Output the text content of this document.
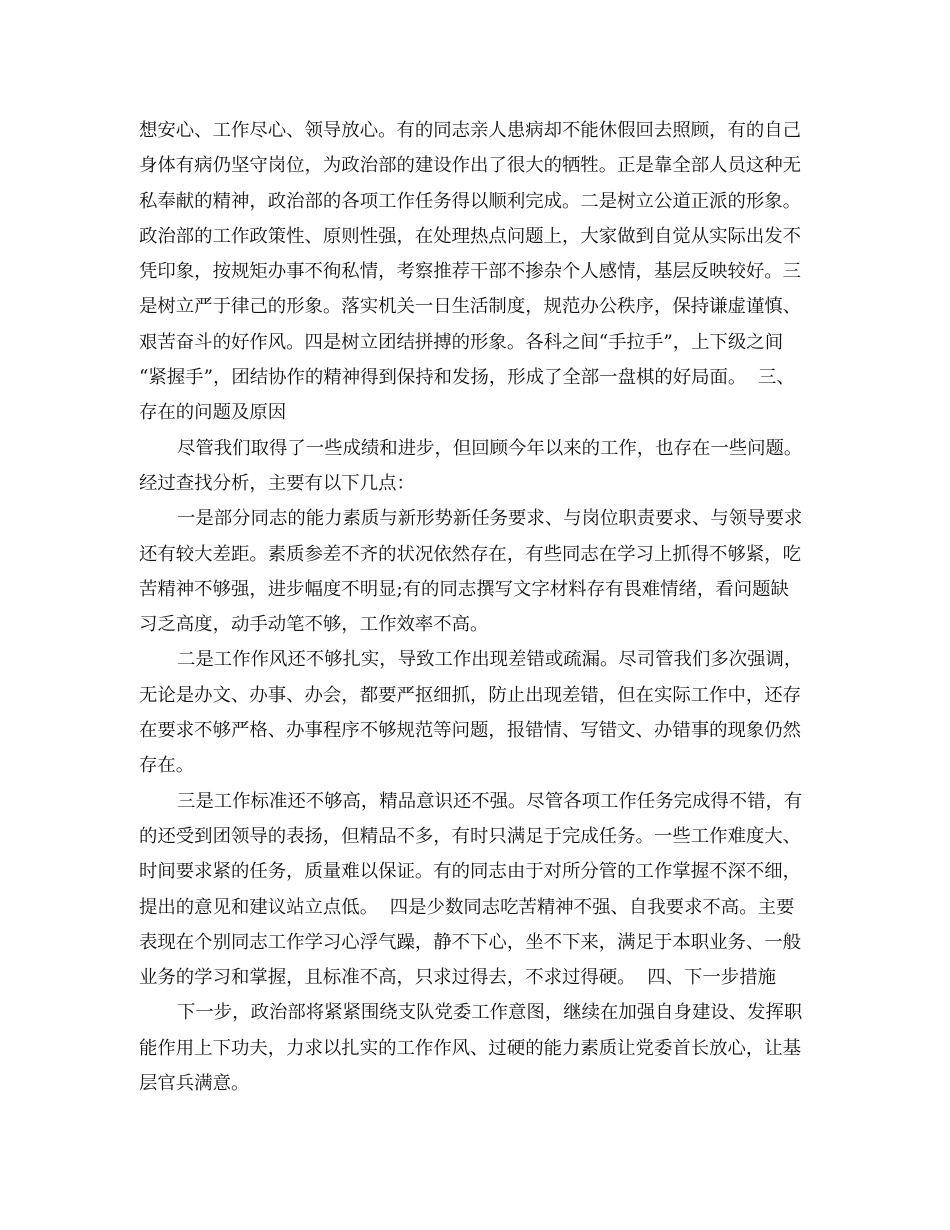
想安心、工作尽心、领导放心。有的同志亲人患病却不能休假回去照顾，有的自己
身体有病仍坚守岗位，为政治部的建设作出了很大的牺牲。正是靠全部人员这种无
私奉献的精神，政治部的各项工作任务得以顺利完成。二是树立公道正派的形象。
政治部的工作政策性、原则性强，在处理热点问题上，大家做到自觉从实际出发不
凭印象，按规矩办事不徇私情，考察推荐干部不掺杂个人感情，基层反映较好。三
是树立严于律己的形象。落实机关一日生活制度，规范办公秩序，保持谦虚谨慎、
艰苦奋斗的好作风。四是树立团结拼搏的形象。各科之间“手拉手”，上下级之间
“紧握手”，团结协作的精神得到保持和发扬，形成了全部一盘棋的好局面。  三、
存在的问题及原因
尽管我们取得了一些成绩和进步，但回顾今年以来的工作，也存在一些问题。
经过查找分析，主要有以下几点：
一是部分同志的能力素质与新形势新任务要求、与岗位职责要求、与领导要求
还有较大差距。素质参差不齐的状况依然存在，有些同志在学习上抓得不够紧，吃
苦精神不够强，进步幅度不明显;有的同志撰写文字材料存有畏难情绪，看问题缺
习乏高度，动手动笔不够，工作效率不高。
二是工作作风还不够扎实，导致工作出现差错或疏漏。尽司管我们多次强调，
无论是办文、办事、办会，都要严抠细抓，防止出现差错，但在实际工作中，还存
在要求不够严格、办事程序不够规范等问题，报错情、写错文、办错事的现象仍然
存在。
三是工作标准还不够高，精品意识还不强。尽管各项工作任务完成得不错，有
的还受到团领导的表扬，但精品不多，有时只满足于完成任务。一些工作难度大、
时间要求紧的任务，质量难以保证。有的同志由于对所分管的工作掌握不深不细，
提出的意见和建议站立点低。  四是少数同志吃苦精神不强、自我要求不高。主要
表现在个别同志工作学习心浮气躁，静不下心，坐不下来，满足于本职业务、一般
业务的学习和掌握，且标准不高，只求过得去，不求过得硬。  四、下一步措施
下一步，政治部将紧紧围绕支队党委工作意图，继续在加强自身建设、发挥职
能作用上下功夫，力求以扎实的工作作风、过硬的能力素质让党委首长放心，让基
层官兵满意。
